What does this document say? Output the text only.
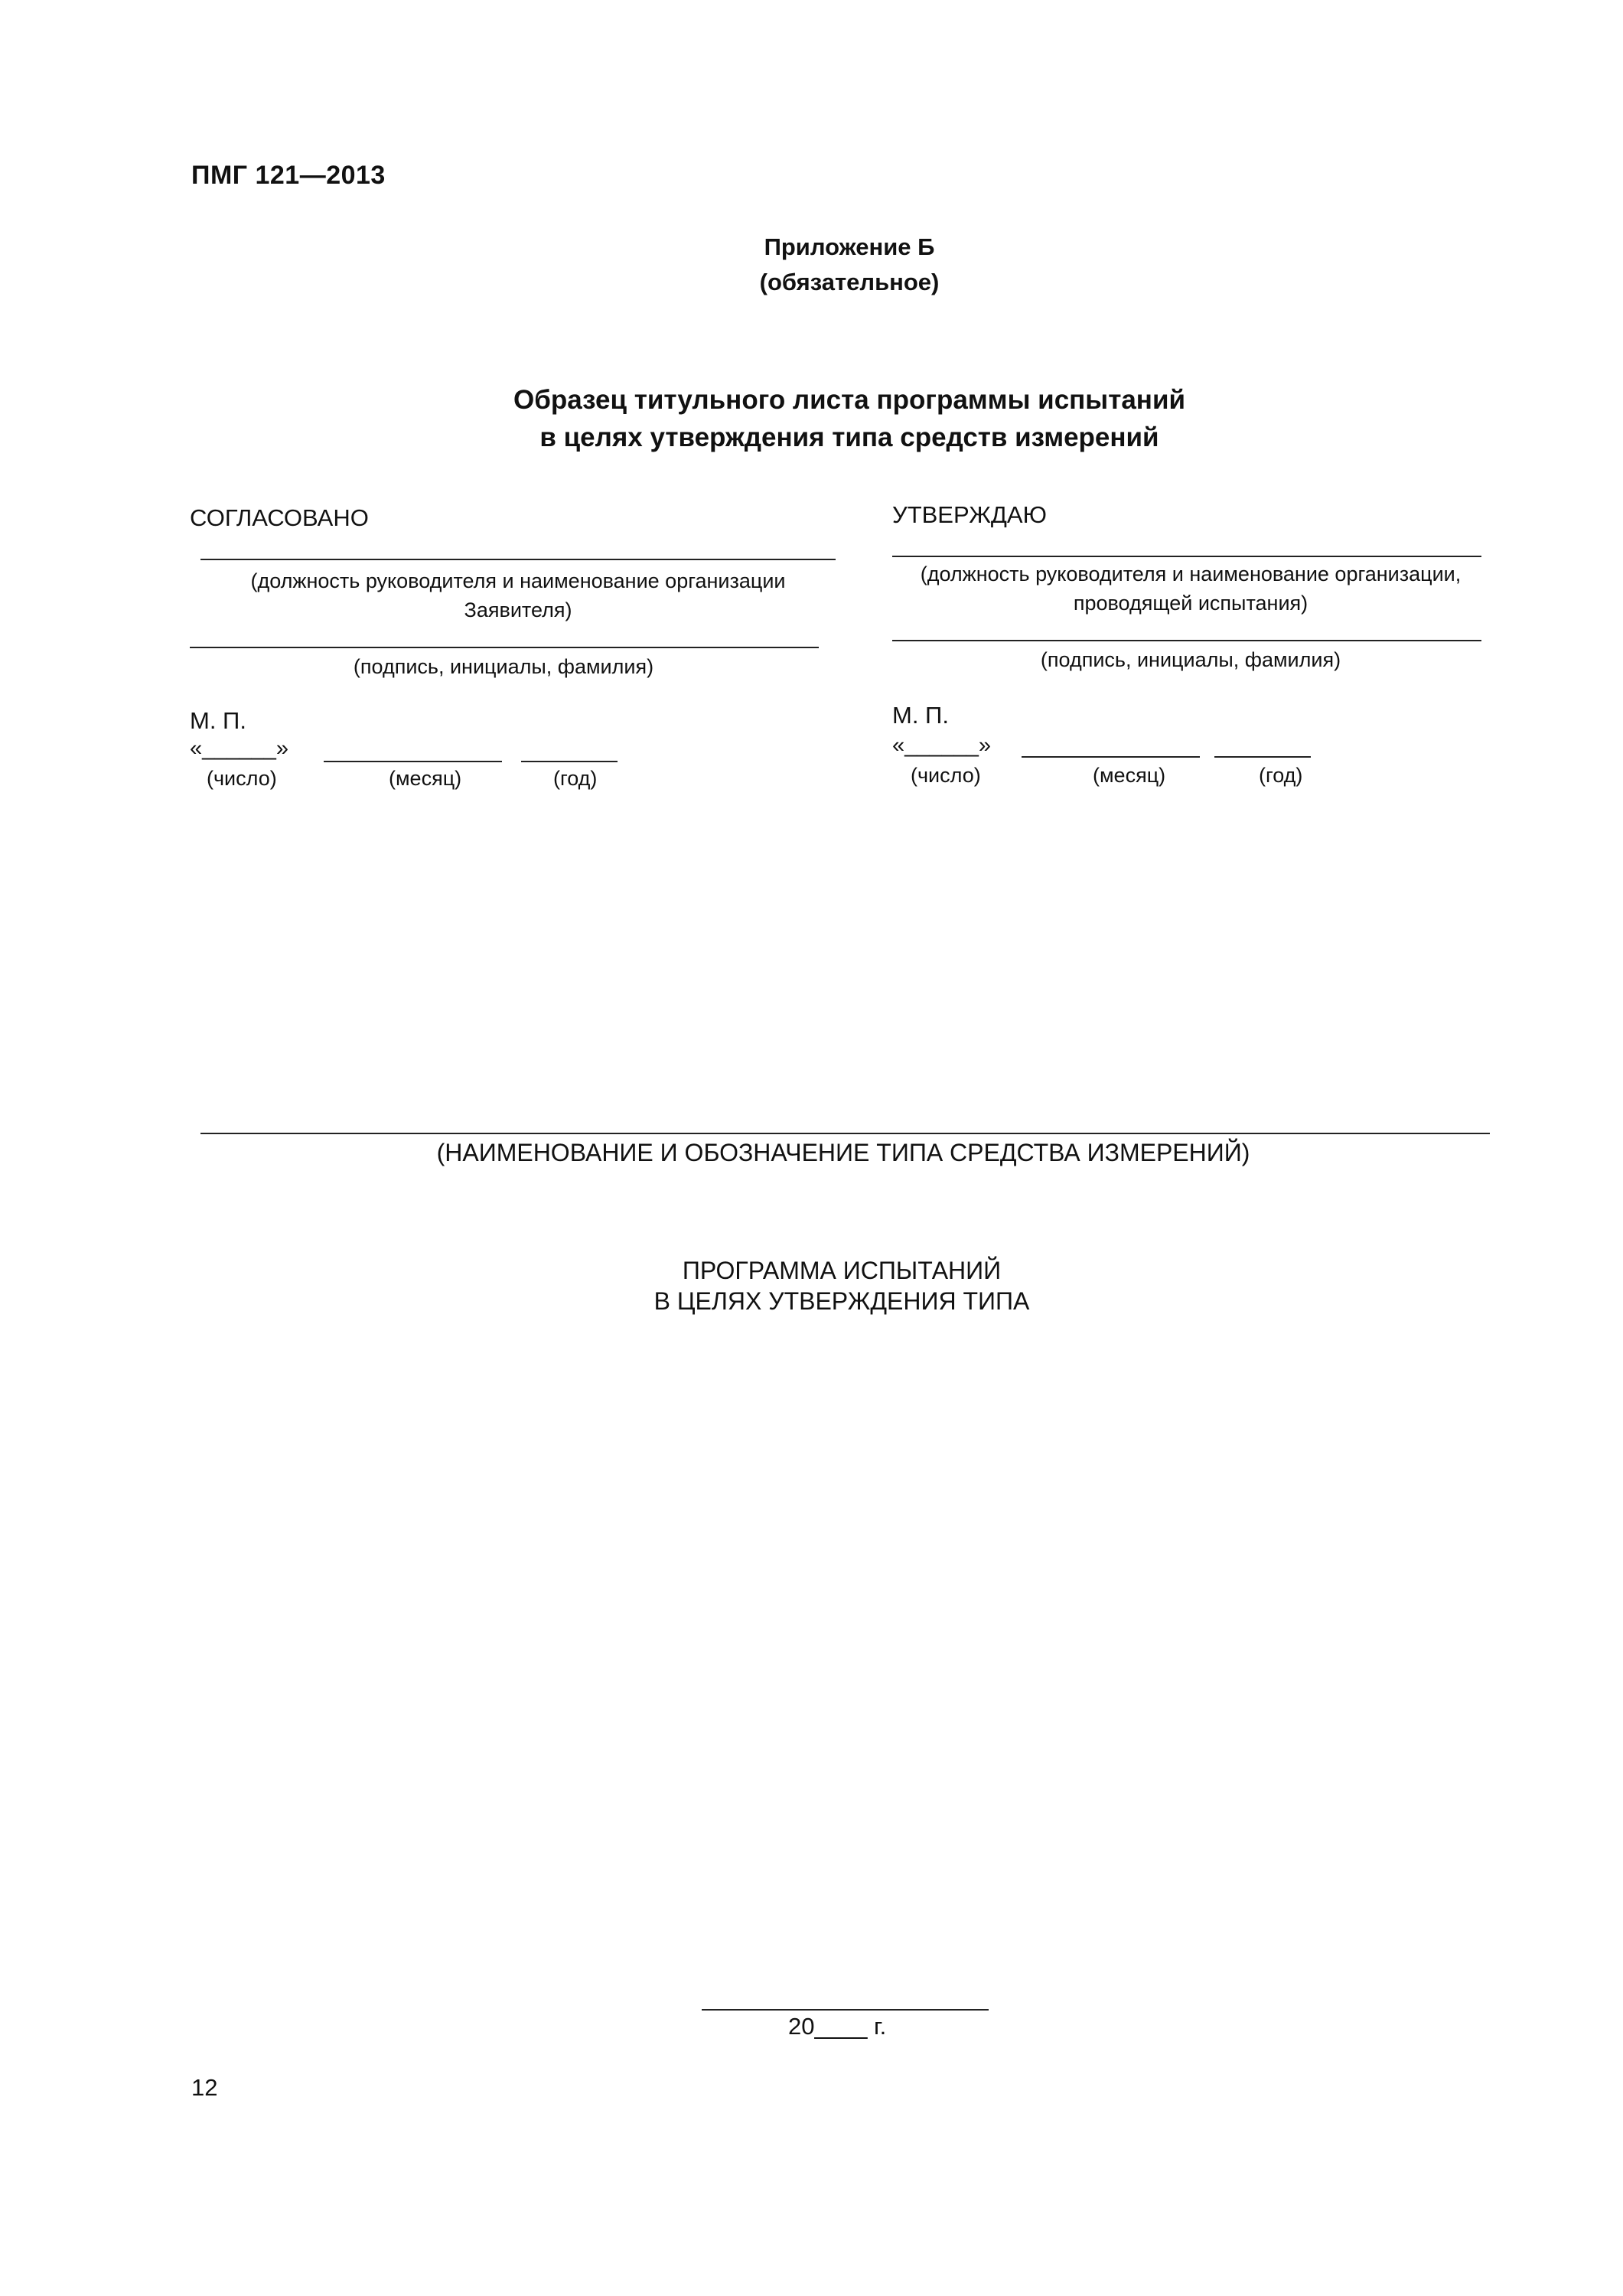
ПМГ 121—2013
Приложение Б
(обязательное)
Образец титульного листа программы испытаний
в целях утверждения типа средств измерений
СОГЛАСОВАНО
(должность руководителя и наименование организации
Заявителя)
(подпись, инициалы, фамилия)
М. П.
«______»
(число)	(месяц)	(год)
УТВЕРЖДАЮ
(должность руководителя и наименование организации,
проводящей испытания)
(подпись, инициалы, фамилия)
М. П.
«______»
(число)	(месяц)	(год)
(НАИМЕНОВАНИЕ И ОБОЗНАЧЕНИЕ ТИПА СРЕДСТВА ИЗМЕРЕНИЙ)
ПРОГРАММА ИСПЫТАНИЙ
В ЦЕЛЯХ УТВЕРЖДЕНИЯ ТИПА
20____ г.
12
